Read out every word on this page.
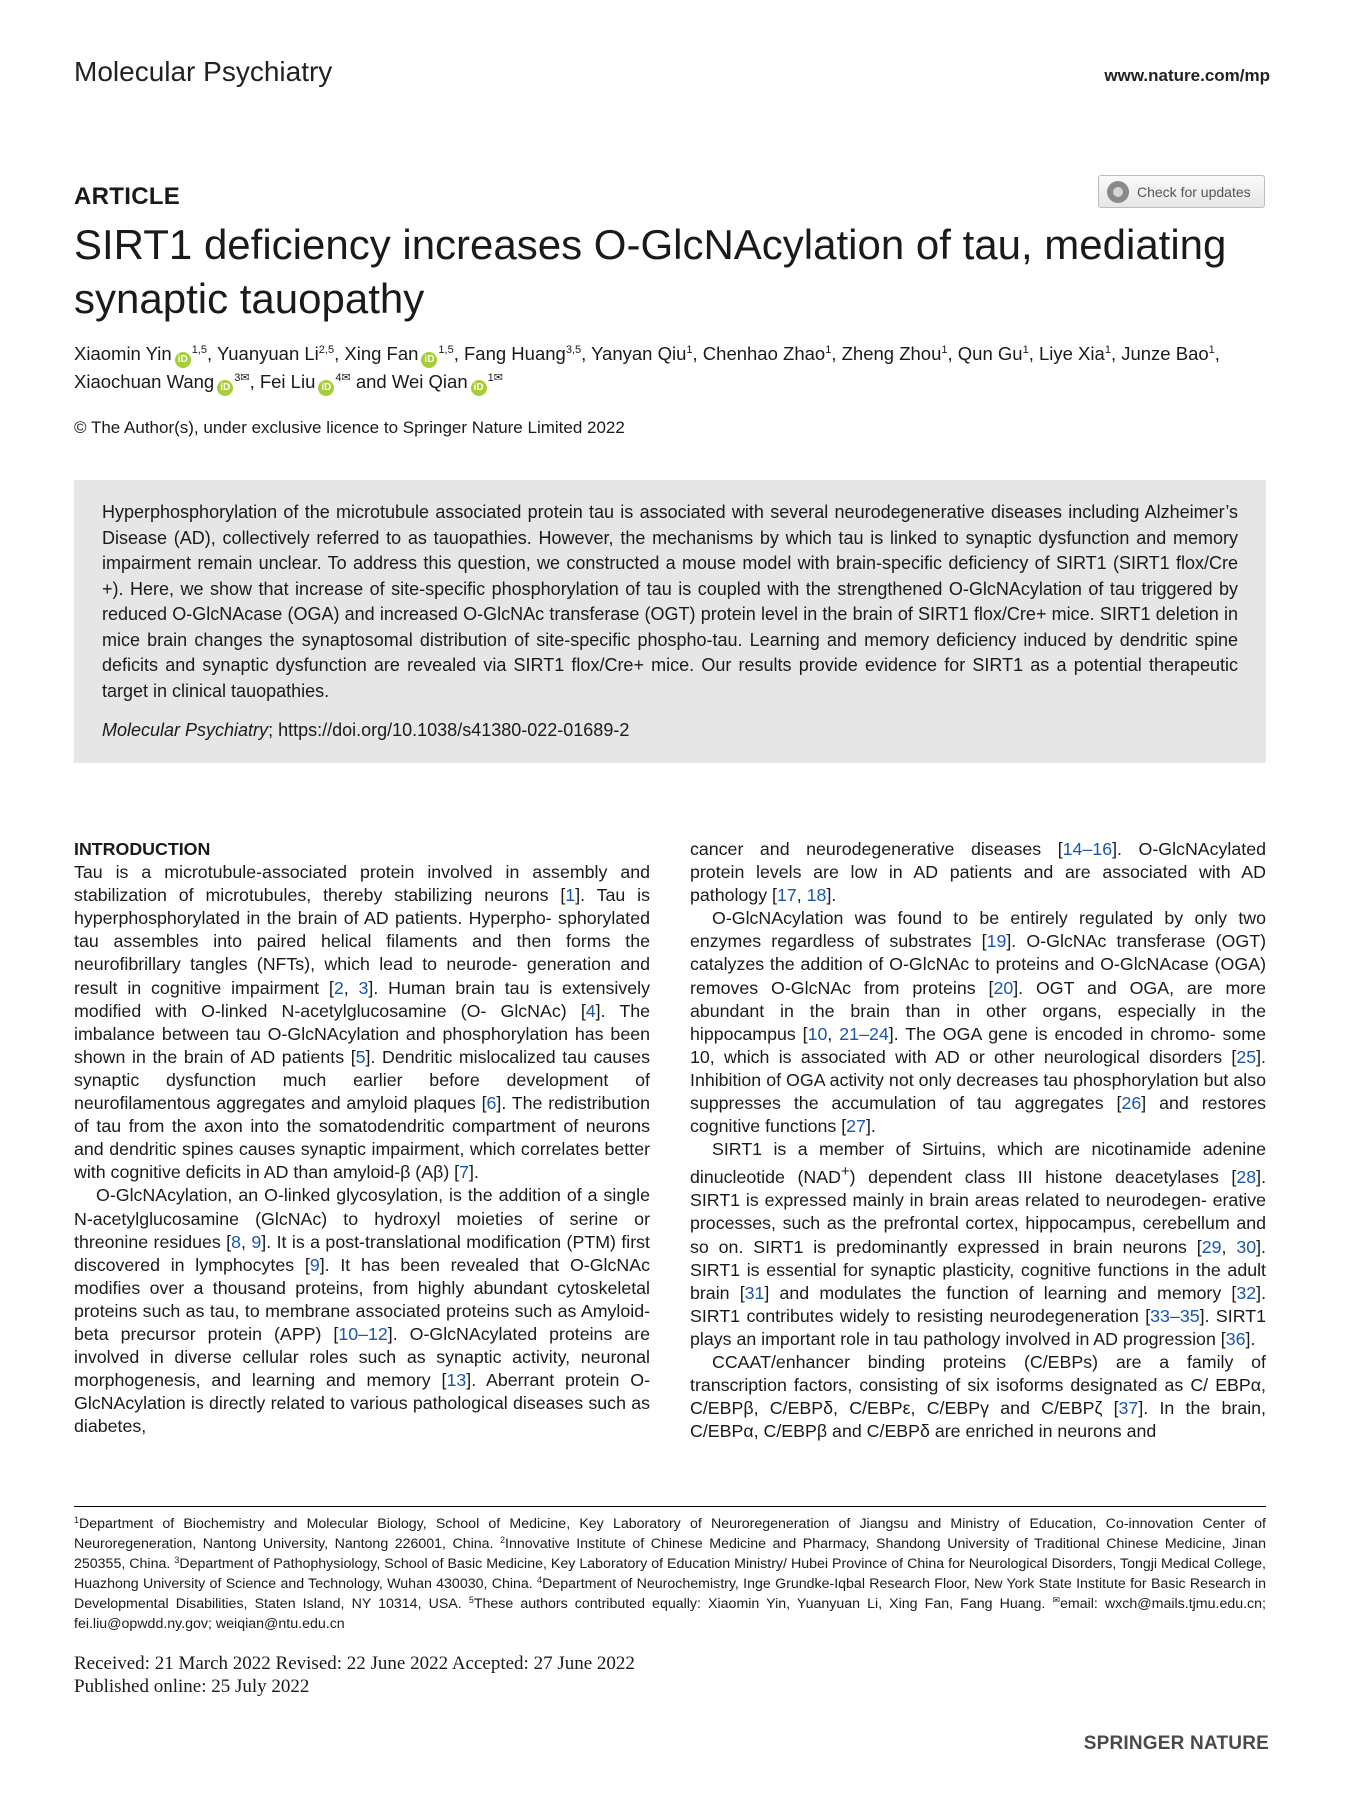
Molecular Psychiatry	www.nature.com/mp
ARTICLE	Check for updates
SIRT1 deficiency increases O-GlcNAcylation of tau, mediating synaptic tauopathy
Xiaomin Yin iD$^{1,5}$, Yuanyuan Li$^{2,5}$, Xing Fan iD$^{1,5}$, Fang Huang$^{3,5}$, Yanyan Qiu$^1$, Chenhao Zhao$^1$, Zheng Zhou$^1$, Qun Gu$^1$, Liye Xia$^1$, Junze Bao$^1$, Xiaochuan Wang $iD^{3✉}$, Fei Liu $iD^{4✉}$ and Wei Qian $iD^{1✉}$
© The Author(s), under exclusive licence to Springer Nature Limited 2022
Hyperphosphorylation of the microtubule associated protein tau is associated with several neurodegenerative diseases including Alzheimer’s Disease (AD), collectively referred to as tauopathies. However, the mechanisms by which tau is linked to synaptic dysfunction and memory impairment remain unclear. To address this question, we constructed a mouse model with brain-specific deficiency of SIRT1 (SIRT1 flox/Cre +). Here, we show that increase of site-specific phosphorylation of tau is coupled with the strengthened O-GlcNAcylation of tau triggered by reduced O-GlcNAcase (OGA) and increased O-GlcNAc transferase (OGT) protein level in the brain of SIRT1 flox/Cre+ mice. SIRT1 deletion in mice brain changes the synaptosomal distribution of site-specific phospho-tau. Learning and memory deficiency induced by dendritic spine deficits and synaptic dysfunction are revealed via SIRT1 flox/Cre+ mice. Our results provide evidence for SIRT1 as a potential therapeutic target in clinical tauopathies.
Molecular Psychiatry; https://doi.org/10.1038/s41380-022-01689-2
INTRODUCTION

Tau is a microtubule-associated protein involved in assembly and stabilization of microtubules, thereby stabilizing neurons [1]. Tau is hyperphosphorylated in the brain of AD patients. Hyperpho- sphorylated tau assembles into paired helical filaments and then forms the neurofibrillary tangles (NFTs), which lead to neurode- generation and result in cognitive impairment [2, 3]. Human brain tau is extensively modified with O-linked N-acetylglucosamine (O- GlcNAc) [4]. The imbalance between tau O-GlcNAcylation and phosphorylation has been shown in the brain of AD patients [5]. Dendritic mislocalized tau causes synaptic dysfunction much earlier before development of neurofilamentous aggregates and amyloid plaques [6]. The redistribution of tau from the axon into the somatodendritic compartment of neurons and dendritic spines causes synaptic impairment, which correlates better with cognitive deficits in AD than amyloid-β (Aβ) [7].

O-GlcNAcylation, an O-linked glycosylation, is the addition of a single N-acetylglucosamine (GlcNAc) to hydroxyl moieties of serine or threonine residues [8, 9]. It is a post-translational modification (PTM) first discovered in lymphocytes [9]. It has been revealed that O-GlcNAc modifies over a thousand proteins, from highly abundant cytoskeletal proteins such as tau, to membrane associated proteins such as Amyloid-beta precursor protein (APP) [10–12]. O-GlcNAcylated proteins are involved in diverse cellular roles such as synaptic activity, neuronal morphogenesis, and learning and memory [13]. Aberrant protein O-GlcNAcylation is directly related to various pathological diseases such as diabetes,

cancer and neurodegenerative diseases [14–16]. O-GlcNAcylated protein levels are low in AD patients and are associated with AD pathology [17, 18].

O-GlcNAcylation was found to be entirely regulated by only two enzymes regardless of substrates [19]. O-GlcNAc transferase (OGT) catalyzes the addition of O-GlcNAc to proteins and O-GlcNAcase (OGA) removes O-GlcNAc from proteins [20]. OGT and OGA, are more abundant in the brain than in other organs, especially in the hippocampus [10, 21–24]. The OGA gene is encoded in chromo- some 10, which is associated with AD or other neurological disorders [25]. Inhibition of OGA activity not only decreases tau phosphorylation but also suppresses the accumulation of tau aggregates [26] and restores cognitive functions [27].

SIRT1 is a member of Sirtuins, which are nicotinamide adenine dinucleotide (NAD+) dependent class III histone deacetylases [28]. SIRT1 is expressed mainly in brain areas related to neurodegen- erative processes, such as the prefrontal cortex, hippocampus, cerebellum and so on. SIRT1 is predominantly expressed in brain neurons [29, 30]. SIRT1 is essential for synaptic plasticity, cognitive functions in the adult brain [31] and modulates the function of learning and memory [32]. SIRT1 contributes widely to resisting neurodegeneration [33–35]. SIRT1 plays an important role in tau pathology involved in AD progression [36].

CCAAT/enhancer binding proteins (C/EBPs) are a family of transcription factors, consisting of six isoforms designated as C/ EBPα, C/EBPβ, C/EBPδ, C/EBPε, C/EBPγ and C/EBPζ [37]. In the brain, C/EBPα, C/EBPβ and C/EBPδ are enriched in neurons and

$^1$Department of Biochemistry and Molecular Biology, School of Medicine, Key Laboratory of Neuroregeneration of Jiangsu and Ministry of Education, Co-innovation Center of Neuroregeneration, Nantong University, Nantong 226001, China. $^2$Innovative Institute of Chinese Medicine and Pharmacy, Shandong University of Traditional Chinese Medicine, Jinan 250355, China. $^3$Department of Pathophysiology, School of Basic Medicine, Key Laboratory of Education Ministry/ Hubei Province of China for Neurological Disorders, Tongji Medical College, Huazhong University of Science and Technology, Wuhan 430030, China. $^4$Department of Neurochemistry, Inge Grundke-Iqbal Research Floor, New York State Institute for Basic Research in Developmental Disabilities, Staten Island, NY 10314, USA. $^5$These authors contributed equally: Xiaomin Yin, Yuanyuan Li, Xing Fan, Fang Huang. ✉email: wxch@mails.tjmu.edu.cn; fei.liu@opwdd.ny.gov; weiqian@ntu.edu.cn
Received: 21 March 2022 Revised: 22 June 2022 Accepted: 27 June 2022
Published online: 25 July 2022
SPRINGER NATURE
